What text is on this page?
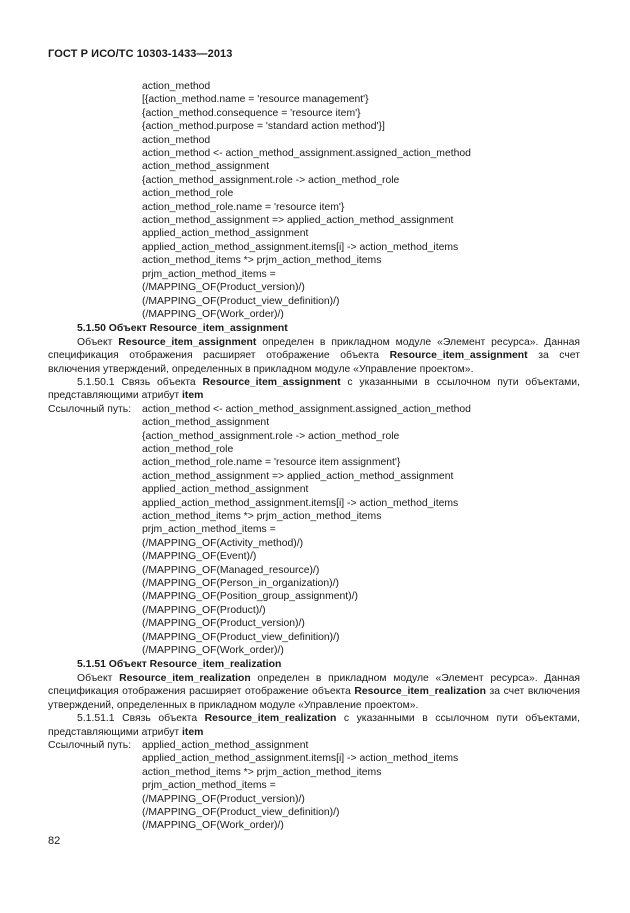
ГОСТ Р ИСО/ТС 10303-1433—2013
action_method
[{action_method.name = 'resource management'}
{action_method.consequence = 'resource item'}
{action_method.purpose = 'standard action method'}]
action_method
action_method <- action_method_assignment.assigned_action_method
action_method_assignment
{action_method_assignment.role -> action_method_role
action_method_role
action_method_role.name = 'resource item'}
action_method_assignment => applied_action_method_assignment
applied_action_method_assignment
applied_action_method_assignment.items[i] -> action_method_items
action_method_items *> prjm_action_method_items
prjm_action_method_items =
(/MAPPING_OF(Product_version)/)
(/MAPPING_OF(Product_view_definition)/)
(/MAPPING_OF(Work_order)/)
5.1.50 Объект Resource_item_assignment
Объект Resource_item_assignment определен в прикладном модуле «Элемент ресурса». Данная спецификация отображения расширяет отображение объекта Resource_item_assignment за счет включения утверждений, определенных в прикладном модуле «Управление проектом».
5.1.50.1 Связь объекта Resource_item_assignment с указанными в ссылочном пути объектами, представляющими атрибут item
Ссылочный путь: action_method <- action_method_assignment.assigned_action_method
action_method_assignment
{action_method_assignment.role -> action_method_role
action_method_role
action_method_role.name = 'resource item assignment'}
action_method_assignment => applied_action_method_assignment
applied_action_method_assignment
applied_action_method_assignment.items[i] -> action_method_items
action_method_items *> prjm_action_method_items
prjm_action_method_items =
(/MAPPING_OF(Activity_method)/)
(/MAPPING_OF(Event)/)
(/MAPPING_OF(Managed_resource)/)
(/MAPPING_OF(Person_in_organization)/)
(/MAPPING_OF(Position_group_assignment)/)
(/MAPPING_OF(Product)/)
(/MAPPING_OF(Product_version)/)
(/MAPPING_OF(Product_view_definition)/)
(/MAPPING_OF(Work_order)/)
5.1.51 Объект Resource_item_realization
Объект Resource_item_realization определен в прикладном модуле «Элемент ресурса». Данная спецификация отображения расширяет отображение объекта Resource_item_realization за счет включения утверждений, определенных в прикладном модуле «Управление проектом».
5.1.51.1 Связь объекта Resource_item_realization с указанными в ссылочном пути объектами, представляющими атрибут item
Ссылочный путь: applied_action_method_assignment
applied_action_method_assignment.items[i] -> action_method_items
action_method_items *> prjm_action_method_items
prjm_action_method_items =
(/MAPPING_OF(Product_version)/)
(/MAPPING_OF(Product_view_definition)/)
(/MAPPING_OF(Work_order)/)
82
